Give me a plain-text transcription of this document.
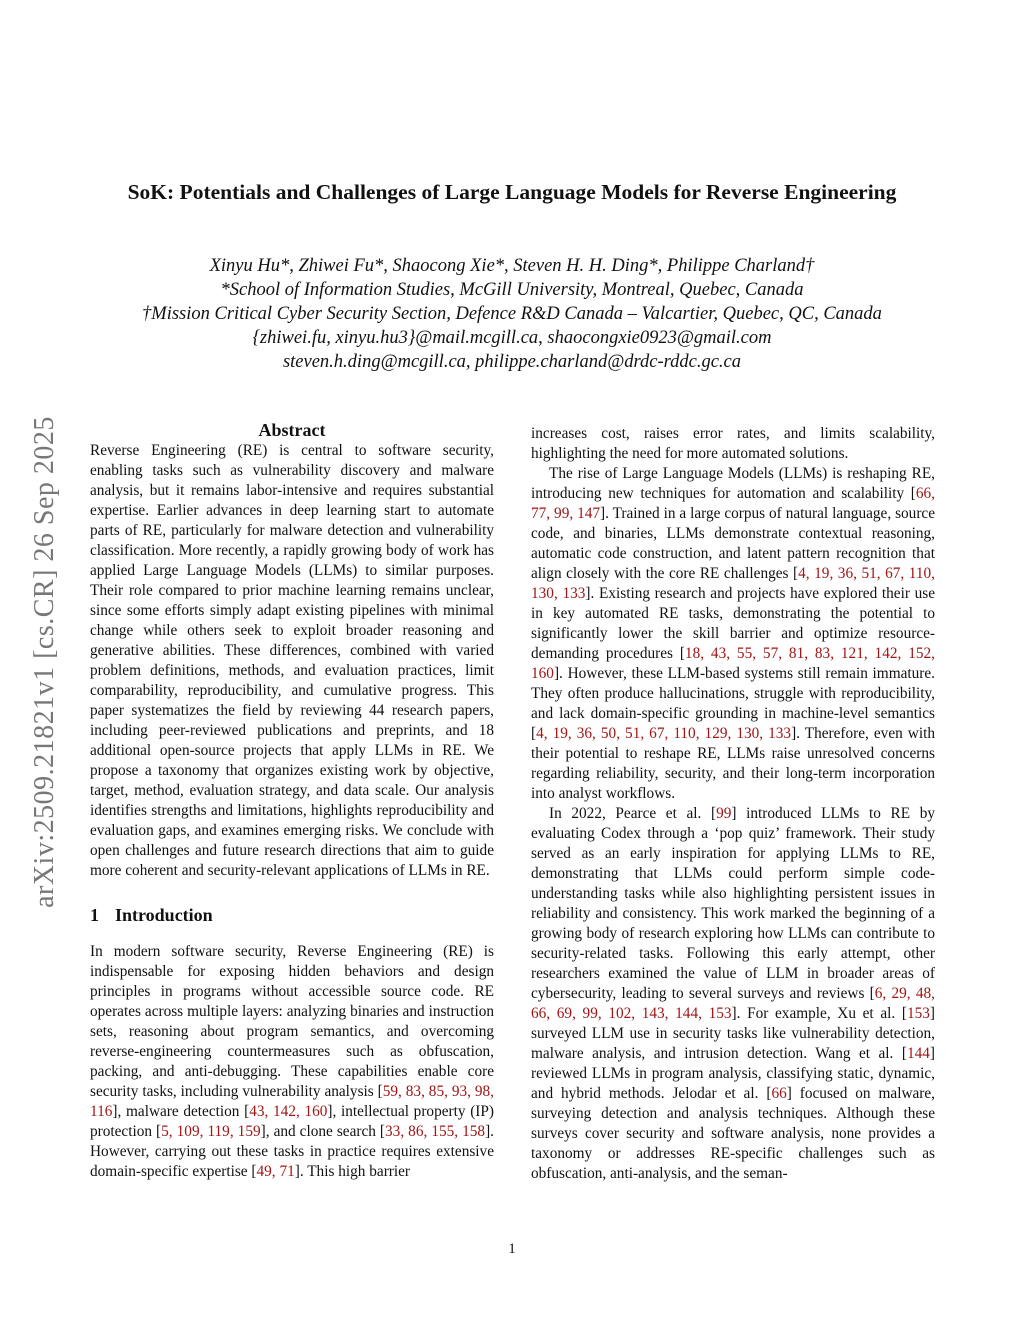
arXiv:2509.21821v1 [cs.CR] 26 Sep 2025
SoK: Potentials and Challenges of Large Language Models for Reverse Engineering
Xinyu Hu*, Zhiwei Fu*, Shaocong Xie*, Steven H. H. Ding*, Philippe Charland†
*School of Information Studies, McGill University, Montreal, Quebec, Canada
†Mission Critical Cyber Security Section, Defence R&D Canada – Valcartier, Quebec, QC, Canada
{zhiwei.fu, xinyu.hu3}@mail.mcgill.ca, shaocongxie0923@gmail.com
steven.h.ding@mcgill.ca, philippe.charland@drdc-rddc.gc.ca
Abstract

Reverse Engineering (RE) is central to software security, enabling tasks such as vulnerability discovery and malware analysis, but it remains labor-intensive and requires substantial expertise. Earlier advances in deep learning start to automate parts of RE, particularly for malware detection and vulnerability classification. More recently, a rapidly growing body of work has applied Large Language Models (LLMs) to similar purposes. Their role compared to prior machine learning remains unclear, since some efforts simply adapt existing pipelines with minimal change while others seek to exploit broader reasoning and generative abilities. These differences, combined with varied problem definitions, methods, and evaluation practices, limit comparability, reproducibility, and cumulative progress. This paper systematizes the field by reviewing 44 research papers, including peer-reviewed publications and preprints, and 18 additional open-source projects that apply LLMs in RE. We propose a taxonomy that organizes existing work by objective, target, method, evaluation strategy, and data scale. Our analysis identifies strengths and limitations, highlights reproducibility and evaluation gaps, and examines emerging risks. We conclude with open challenges and future research directions that aim to guide more coherent and security-relevant applications of LLMs in RE.

1 Introduction

In modern software security, Reverse Engineering (RE) is indispensable for exposing hidden behaviors and design principles in programs without accessible source code. RE operates across multiple layers: analyzing binaries and instruction sets, reasoning about program semantics, and overcoming reverse-engineering countermeasures such as obfuscation, packing, and anti-debugging. These capabilities enable core security tasks, including vulnerability analysis [59, 83, 85, 93, 98, 116], malware detection [43, 142, 160], intellectual property (IP) protection [5, 109, 119, 159], and clone search [33, 86, 155, 158]. However, carrying out these tasks in practice requires extensive domain-specific expertise [49, 71]. This high barrier

increases cost, raises error rates, and limits scalability, highlighting the need for more automated solutions.

The rise of Large Language Models (LLMs) is reshaping RE, introducing new techniques for automation and scalability [66, 77, 99, 147]. Trained in a large corpus of natural language, source code, and binaries, LLMs demonstrate contextual reasoning, automatic code construction, and latent pattern recognition that align closely with the core RE challenges [4, 19, 36, 51, 67, 110, 130, 133]. Existing research and projects have explored their use in key automated RE tasks, demonstrating the potential to significantly lower the skill barrier and optimize resource-demanding procedures [18, 43, 55, 57, 81, 83, 121, 142, 152, 160]. However, these LLM-based systems still remain immature. They often produce hallucinations, struggle with reproducibility, and lack domain-specific grounding in machine-level semantics [4, 19, 36, 50, 51, 67, 110, 129, 130, 133]. Therefore, even with their potential to reshape RE, LLMs raise unresolved concerns regarding reliability, security, and their long-term incorporation into analyst workflows.

In 2022, Pearce et al. [99] introduced LLMs to RE by evaluating Codex through a ‘pop quiz’ framework. Their study served as an early inspiration for applying LLMs to RE, demonstrating that LLMs could perform simple code-understanding tasks while also highlighting persistent issues in reliability and consistency. This work marked the beginning of a growing body of research exploring how LLMs can contribute to security-related tasks. Following this early attempt, other researchers examined the value of LLM in broader areas of cybersecurity, leading to several surveys and reviews [6, 29, 48, 66, 69, 99, 102, 143, 144, 153]. For example, Xu et al. [153] surveyed LLM use in security tasks like vulnerability detection, malware analysis, and intrusion detection. Wang et al. [144] reviewed LLMs in program analysis, classifying static, dynamic, and hybrid methods. Jelodar et al. [66] focused on malware, surveying detection and analysis techniques. Although these surveys cover security and software analysis, none provides a taxonomy or addresses RE-specific challenges such as obfuscation, anti-analysis, and the seman-

1
